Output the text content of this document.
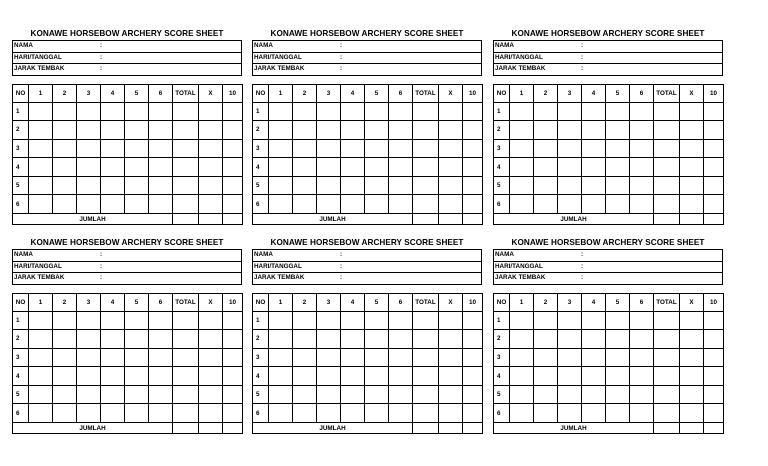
KONAWE HORSEBOW ARCHERY SCORE SHEET
NAMA	:
HARI/TANGGAL	:
JARAK TEMBAK	:
NO	1	2	3	4	5	6	TOTAL	X	10
1									
2									
3									
4									
5									
6									
JUMLAH									
KONAWE HORSEBOW ARCHERY SCORE SHEET
NAMA	:
HARI/TANGGAL	:
JARAK TEMBAK	:
NO	1	2	3	4	5	6	TOTAL	X	10
1									
2									
3									
4									
5									
6									
JUMLAH									
KONAWE HORSEBOW ARCHERY SCORE SHEET
NAMA	:
HARI/TANGGAL	:
JARAK TEMBAK	:
NO	1	2	3	4	5	6	TOTAL	X	10
1									
2									
3									
4									
5									
6									
JUMLAH									
KONAWE HORSEBOW ARCHERY SCORE SHEET
NAMA	:
HARI/TANGGAL	:
JARAK TEMBAK	:
NO	1	2	3	4	5	6	TOTAL	X	10
1									
2									
3									
4									
5									
6									
JUMLAH									
KONAWE HORSEBOW ARCHERY SCORE SHEET
NAMA	:
HARI/TANGGAL	:
JARAK TEMBAK	:
NO	1	2	3	4	5	6	TOTAL	X	10
1									
2									
3									
4									
5									
6									
JUMLAH									
KONAWE HORSEBOW ARCHERY SCORE SHEET
NAMA	:
HARI/TANGGAL	:
JARAK TEMBAK	:
NO	1	2	3	4	5	6	TOTAL	X	10
1									
2									
3									
4									
5									
6									
JUMLAH									
